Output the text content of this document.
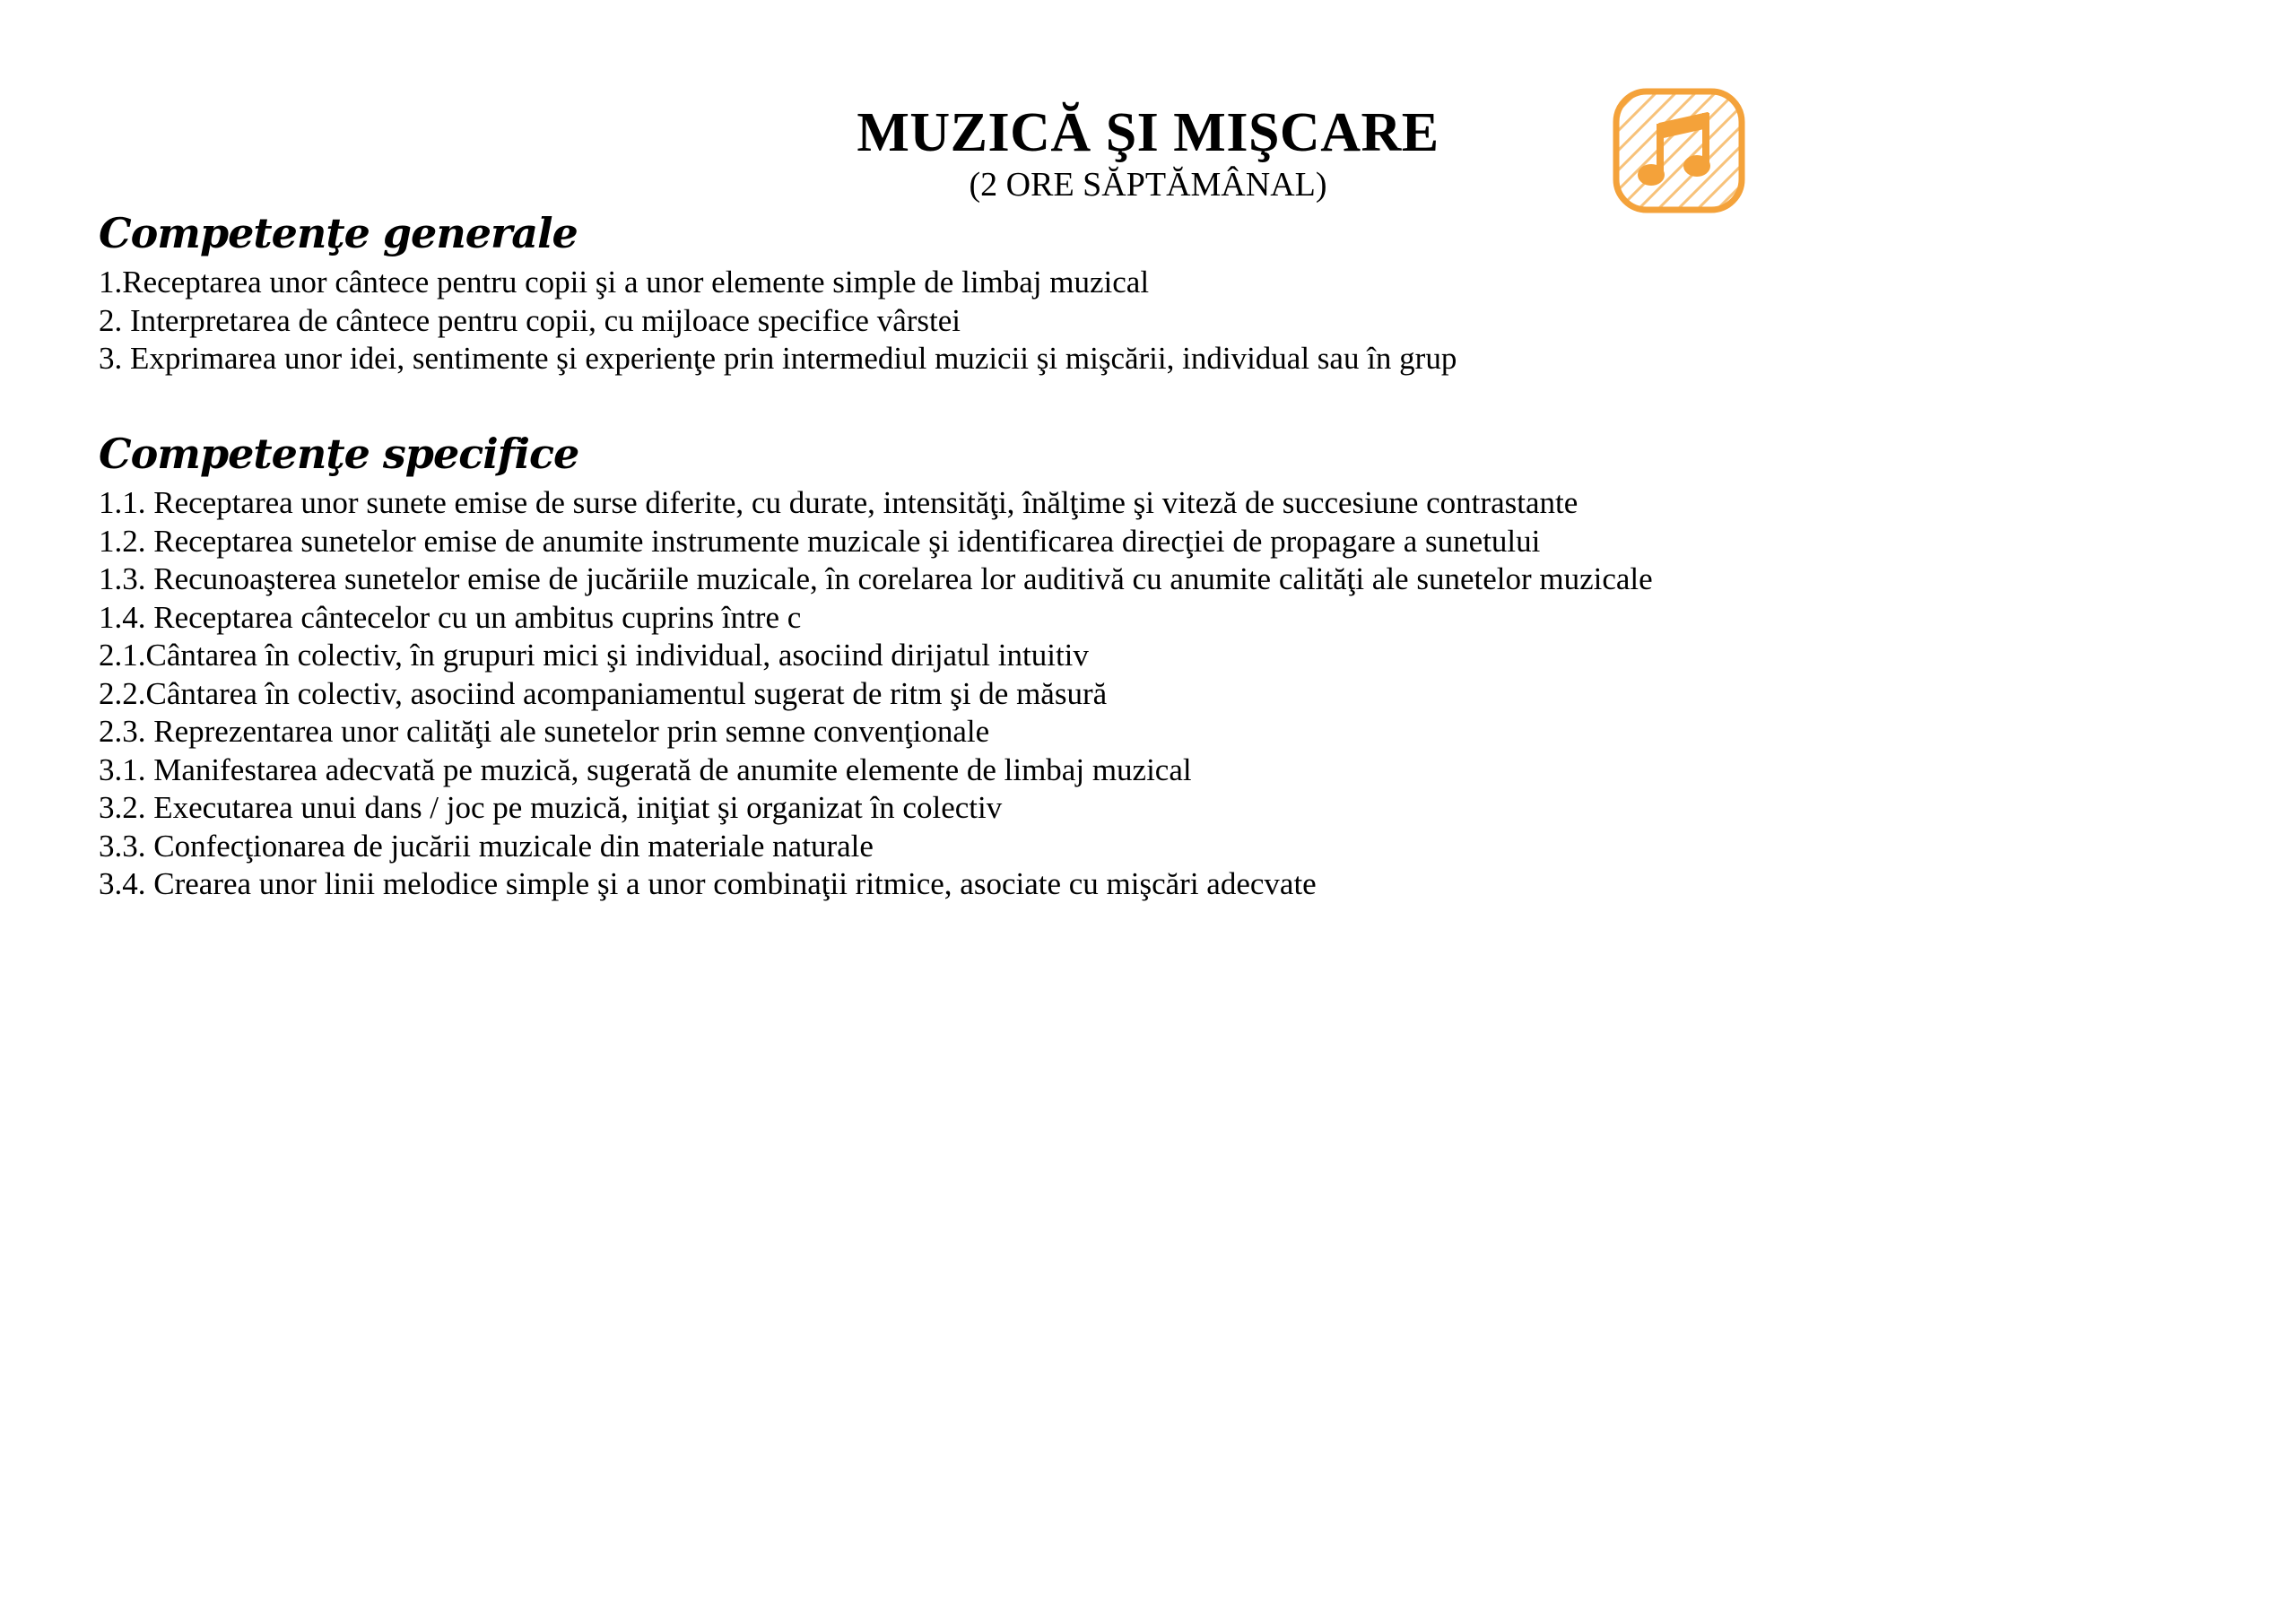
MUZICĂ ŞI MIŞCARE
(2 ORE SĂPTĂMÂNAL)
Competenţe generale
1.Receptarea unor cântece pentru copii şi a unor elemente simple de limbaj muzical
2. Interpretarea de cântece pentru copii, cu mijloace specifice vârstei
3. Exprimarea unor idei, sentimente şi experienţe prin intermediul muzicii şi mişcării, individual sau în grup
Competenţe specifice
1.1. Receptarea unor sunete emise de surse diferite, cu durate, intensităţi, înălţime şi viteză de succesiune contrastante
1.2. Receptarea sunetelor emise de anumite instrumente muzicale şi identificarea direcţiei de propagare a sunetului
1.3. Recunoaşterea sunetelor emise de jucăriile muzicale, în corelarea lor auditivă cu anumite calităţi ale sunetelor muzicale
1.4. Receptarea cântecelor cu un ambitus cuprins între c
2.1.Cântarea în colectiv, în grupuri mici şi individual, asociind dirijatul intuitiv
2.2.Cântarea în colectiv, asociind acompaniamentul sugerat de ritm şi de măsură
2.3. Reprezentarea unor calităţi ale sunetelor prin semne convenţionale
3.1. Manifestarea adecvată pe muzică, sugerată de anumite elemente de limbaj muzical
3.2. Executarea unui dans / joc pe muzică, iniţiat şi organizat în colectiv
3.3. Confecţionarea de jucării muzicale din materiale naturale
3.4. Crearea unor linii melodice simple şi a unor combinaţii ritmice, asociate cu mişcări adecvate
